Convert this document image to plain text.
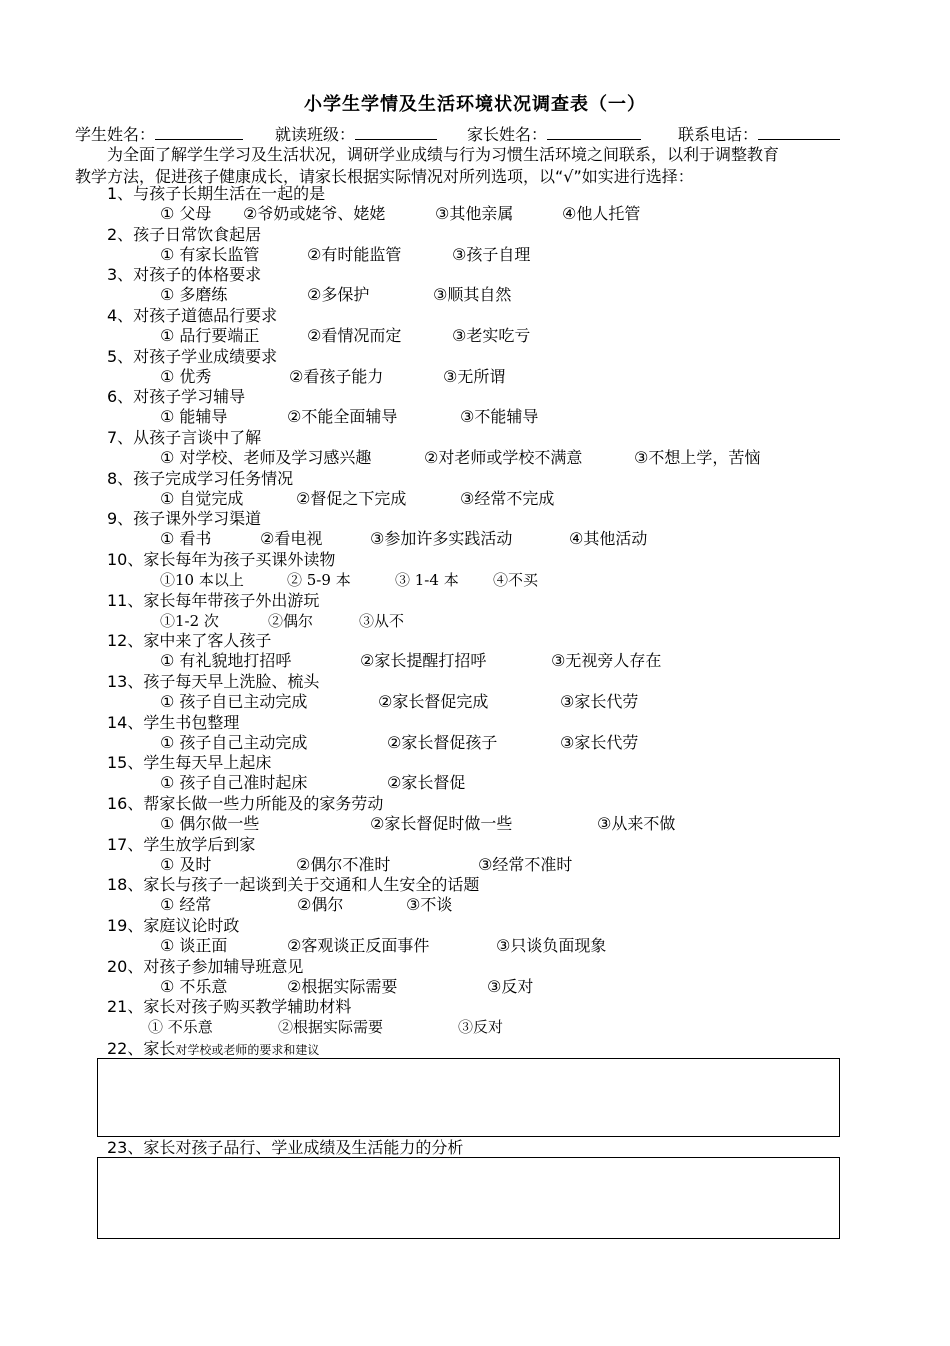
小学生学情及生活环境状况调查表（一）
学生姓名：	就读班级：	家长姓名：	联系电话：
为全面了解学生学习及生活状况，调研学业成绩与行为习惯生活环境之间联系，以利于调整教育
教学方法，促进孩子健康成长，请家长根据实际情况对所列选项，以“√”如实进行选择：
1、与孩子长期生活在一起的是
① 父母 ②爷奶或姥爷、姥姥	③其他亲属	④他人托管
2、孩子日常饮食起居
① 有家长监管	②有时能监管	③孩子自理
3、对孩子的体格要求
① 多磨练	②多保护	③顺其自然
4、对孩子道德品行要求
① 品行要端正	②看情况而定	③老实吃亏
5、对孩子学业成绩要求
① 优秀	②看孩子能力	③无所谓
6、对孩子学习辅导
① 能辅导	②不能全面辅导	③不能辅导
7、从孩子言谈中了解
① 对学校、老师及学习感兴趣	②对老师或学校不满意	③不想上学，苦恼
8、孩子完成学习任务情况
① 自觉完成	②督促之下完成	③经常不完成
9、孩子课外学习渠道
① 看书	②看电视	③参加许多实践活动	④其他活动
10、家长每年为孩子买课外读物
①10 本以上	② 5-9 本	③ 1-4 本 ④不买
11、家长每年带孩子外出游玩
①1-2 次	②偶尔	③从不
12、家中来了客人孩子
① 有礼貌地打招呼	②家长提醒打招呼	③无视旁人存在
13、孩子每天早上洗脸、梳头
① 孩子自已主动完成	②家长督促完成	③家长代劳
14、学生书包整理
① 孩子自己主动完成	②家长督促孩子	③家长代劳
15、学生每天早上起床
① 孩子自己准时起床	②家长督促
16、帮家长做一些力所能及的家务劳动
① 偶尔做一些	②家长督促时做一些	③从来不做
17、学生放学后到家
① 及时	②偶尔不准时	③经常不准时
18、家长与孩子一起谈到关于交通和人生安全的话题
① 经常	②偶尔	③不谈
19、家庭议论时政
① 谈正面	②客观谈正反面事件	③只谈负面现象
20、对孩子参加辅导班意见
① 不乐意	②根据实际需要	③反对
21、家长对孩子购买教学辅助材料
① 不乐意	②根据实际需要	③反对
22、家长对学校或老师的要求和建议
23、家长对孩子品行、学业成绩及生活能力的分析
